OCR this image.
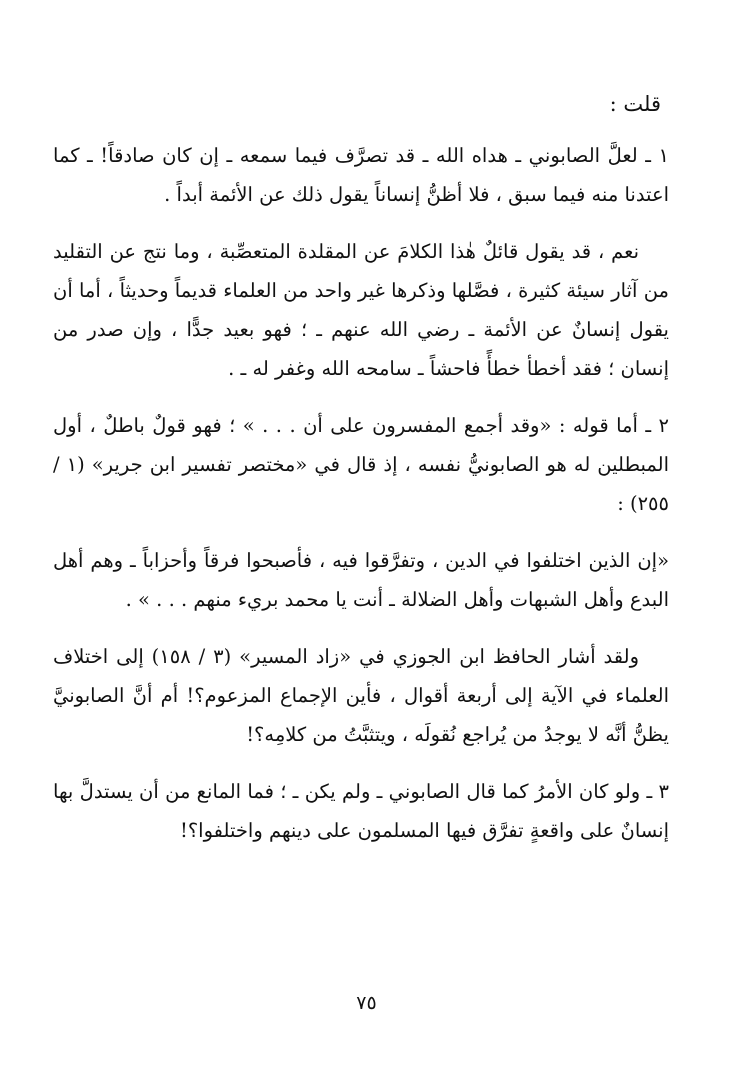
قلت :

١ ـ لعلَّ الصابوني ـ هداه الله ـ قد تصرَّف فيما سمعه ـ إن كان صادقاً! ـ كما اعتدنا منه فيما سبق ، فلا أظنُّ إنساناً يقول ذلك عن الأئمة أبداً .

نعم ، قد يقول قائلٌ هٰذا الكلامَ عن المقلدة المتعصِّبة ، وما نتج عن التقليد من آثار سيئة كثيرة ، فصَّلها وذكرها غير واحد من العلماء قديماً وحديثاً ، أما أن يقول إنسانٌ عن الأئمة ـ رضي الله عنهم ـ ؛ فهو بعيد جدًّا ، وإن صدر من إنسان ؛ فقد أخطأ خطأً فاحشاً ـ سامحه الله وغفر له ـ .

٢ ـ أما قوله : «وقد أجمع المفسرون على أن . . . » ؛ فهو قولٌ باطلٌ ، أول المبطلين له هو الصابونيُّ نفسه ، إذ قال في «مختصر تفسير ابن جرير» (١ / ٢٥٥) :

«إن الذين اختلفوا في الدين ، وتفرَّقوا فيه ، فأصبحوا فرقاً وأحزاباً ـ وهم أهل البدع وأهل الشبهات وأهل الضلالة ـ أنت يا محمد بريء منهم . . . » .

ولقد أشار الحافظ ابن الجوزي في «زاد المسير» (٣ / ١٥٨) إلى اختلاف العلماء في الآية إلى أربعة أقوال ، فأين الإجماع المزعوم؟! أم أنَّ الصابونيَّ يظنُّ أنَّه لا يوجدُ من يُراجع نُقولَه ، ويتثبَّتُ من كلامِه؟!

٣ ـ ولو كان الأمرُ كما قال الصابوني ـ ولم يكن ـ ؛ فما المانع من أن يستدلَّ بها إنسانٌ على واقعةٍ تفرَّق فيها المسلمون على دينهم واختلفوا؟!

٧٥
